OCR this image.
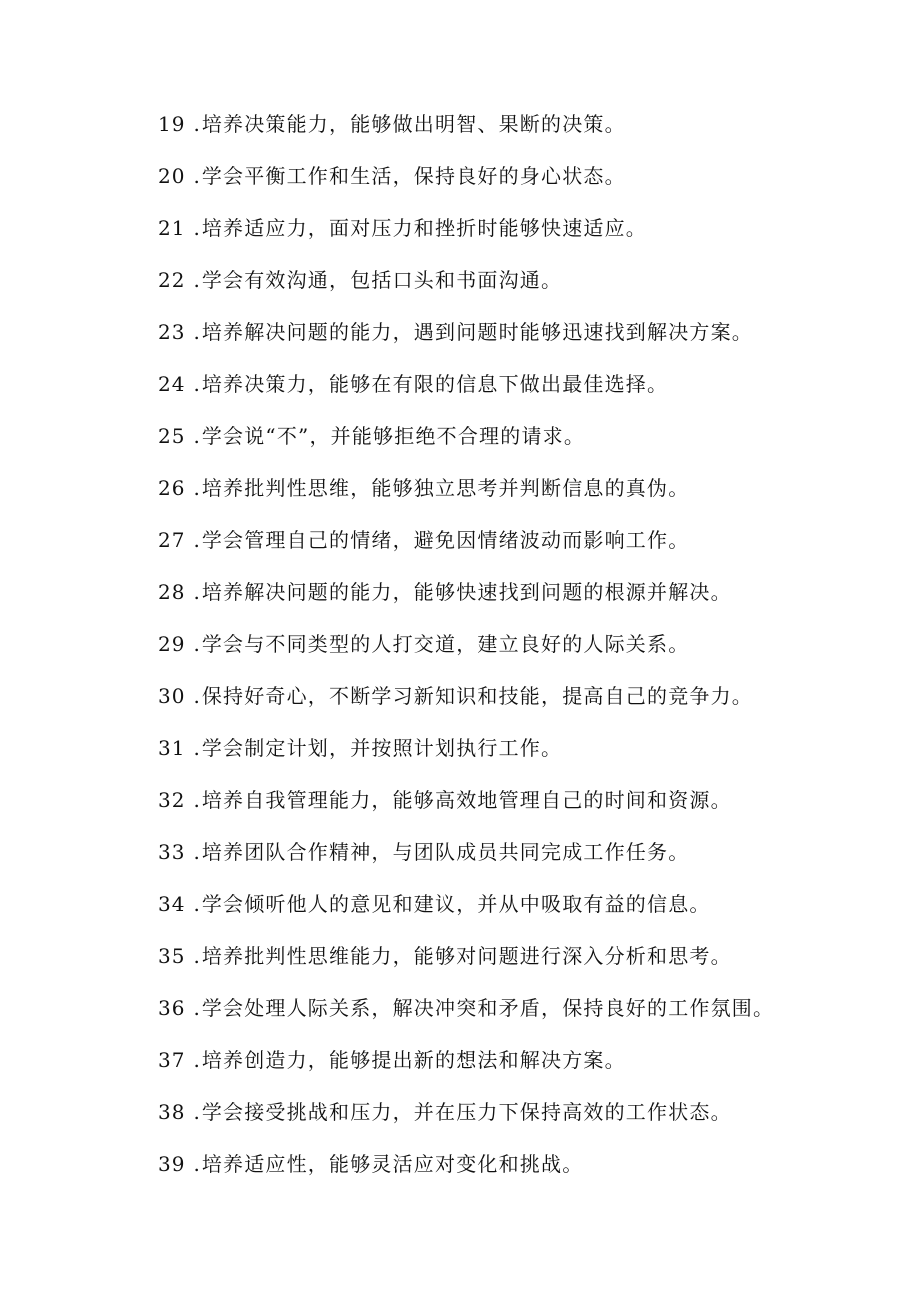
19 . 培养决策能力，能够做出明智、果断的决策。
20 . 学会平衡工作和生活，保持良好的身心状态。
21 . 培养适应力，面对压力和挫折时能够快速适应。
22 . 学会有效沟通，包括口头和书面沟通。
23 . 培养解决问题的能力，遇到问题时能够迅速找到解决方案。
24 . 培养决策力，能够在有限的信息下做出最佳选择。
25 . 学会说“不”，并能够拒绝不合理的请求。
26 . 培养批判性思维，能够独立思考并判断信息的真伪。
27 . 学会管理自己的情绪，避免因情绪波动而影响工作。
28 . 培养解决问题的能力，能够快速找到问题的根源并解决。
29 . 学会与不同类型的人打交道，建立良好的人际关系。
30 . 保持好奇心，不断学习新知识和技能，提高自己的竞争力。
31 . 学会制定计划，并按照计划执行工作。
32 . 培养自我管理能力，能够高效地管理自己的时间和资源。
33 . 培养团队合作精神，与团队成员共同完成工作任务。
34 . 学会倾听他人的意见和建议，并从中吸取有益的信息。
35 . 培养批判性思维能力，能够对问题进行深入分析和思考。
36 . 学会处理人际关系，解决冲突和矛盾，保持良好的工作氛围。
37 . 培养创造力，能够提出新的想法和解决方案。
38 . 学会接受挑战和压力，并在压力下保持高效的工作状态。
39 . 培养适应性，能够灵活应对变化和挑战。
